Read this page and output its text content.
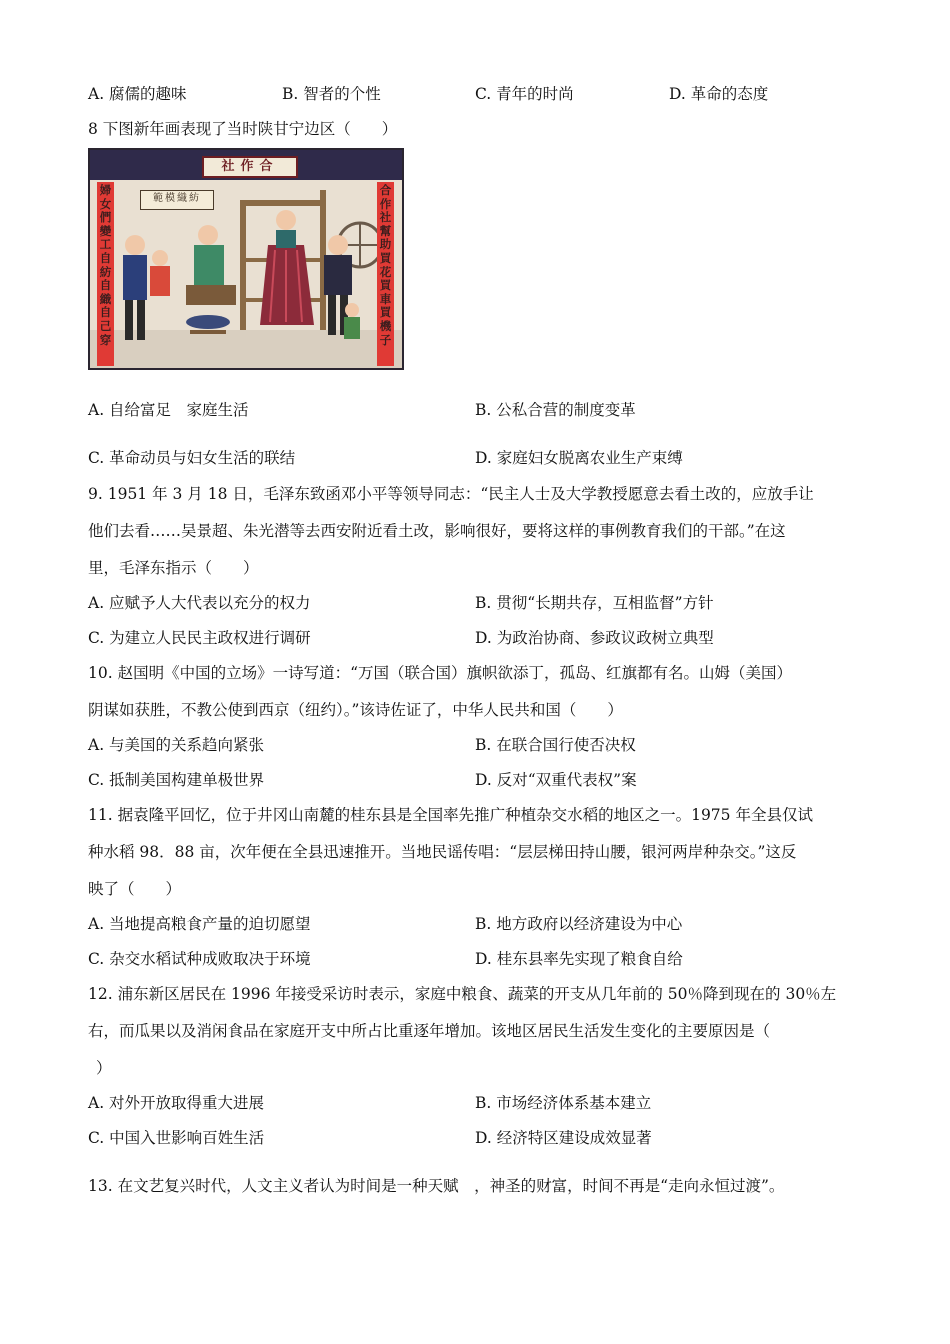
A. 腐儒的趣味	B. 智者的个性	C. 青年的时尚	D. 革命的态度
8 下图新年画表现了当时陕甘宁边区（　　）
社作合
範模織紡
婦女們變工自紡自織自己穿
合作社幫助買花買車買機子
A. 自给富足　家庭生活	B. 公私合营的制度变革
C. 革命动员与妇女生活的联结	D. 家庭妇女脱离农业生产束缚
9. 1951 年 3 月 18 日，毛泽东致函邓小平等领导同志：“民主人士及大学教授愿意去看土改的，应放手让
他们去看……吴景超、朱光潜等去西安附近看土改，影响很好，要将这样的事例教育我们的干部。”在这
里，毛泽东指示（　　）
A. 应赋予人大代表以充分的权力	B. 贯彻“长期共存，互相监督”方针
C. 为建立人民民主政权进行调研	D. 为政治协商、参政议政树立典型
10. 赵国明《中国的立场》一诗写道：“万国（联合国）旗帜欲添丁，孤岛、红旗都有名。山姆（美国）
阴谋如获胜，不教公使到西京（纽约）。”该诗佐证了，中华人民共和国（　　）
A. 与美国的关系趋向紧张	B. 在联合国行使否决权
C. 抵制美国构建单极世界	D. 反对“双重代表权”案
11. 据袁隆平回忆，位于井冈山南麓的桂东县是全国率先推广种植杂交水稻的地区之一。1975 年全县仅试
种水稻 98．88 亩，次年便在全县迅速推开。当地民谣传唱：“层层梯田持山腰，银河两岸种杂交。”这反
映了（　　）
A. 当地提高粮食产量的迫切愿望	B. 地方政府以经济建设为中心
C. 杂交水稻试种成败取决于环境	D. 桂东县率先实现了粮食自给
12. 浦东新区居民在 1996 年接受采访时表示，家庭中粮食、蔬菜的开支从几年前的 50％降到现在的 30％左
右，而瓜果以及消闲食品在家庭开支中所占比重逐年增加。该地区居民生活发生变化的主要原因是（
）
A. 对外开放取得重大进展	B. 市场经济体系基本建立
C. 中国入世影响百姓生活	D. 经济特区建设成效显著
13. 在文艺复兴时代，人文主义者认为时间是一种天赋　，神圣的财富，时间不再是“走向永恒过渡”。
